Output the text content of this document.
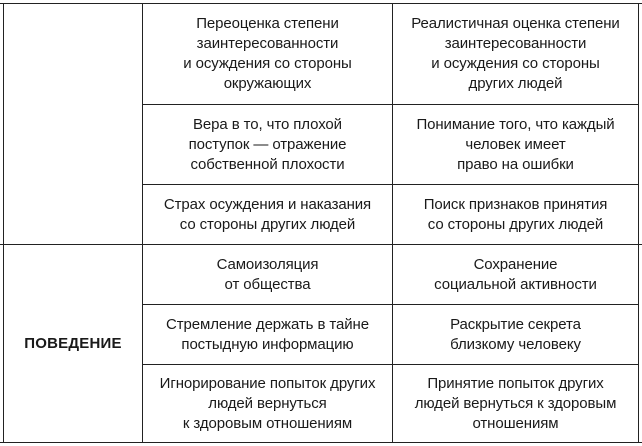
ПОВЕДЕНИЕ
Переоценка степени
заинтересованности
и осуждения со стороны
окружающих
Реалистичная оценка степени
заинтересованности
и осуждения со стороны
других людей
Вера в то, что плохой
поступок — отражение
собственной плохости
Понимание того, что каждый
человек имеет
право на ошибки
Страх осуждения и наказания
со стороны других людей
Поиск признаков принятия
со стороны других людей
Самоизоляция
от общества
Сохранение
социальной активности
Стремление держать в тайне
постыдную информацию
Раскрытие секрета
близкому человеку
Игнорирование попыток других
людей вернуться
к здоровым отношениям
Принятие попыток других
людей вернуться к здоровым
отношениям
